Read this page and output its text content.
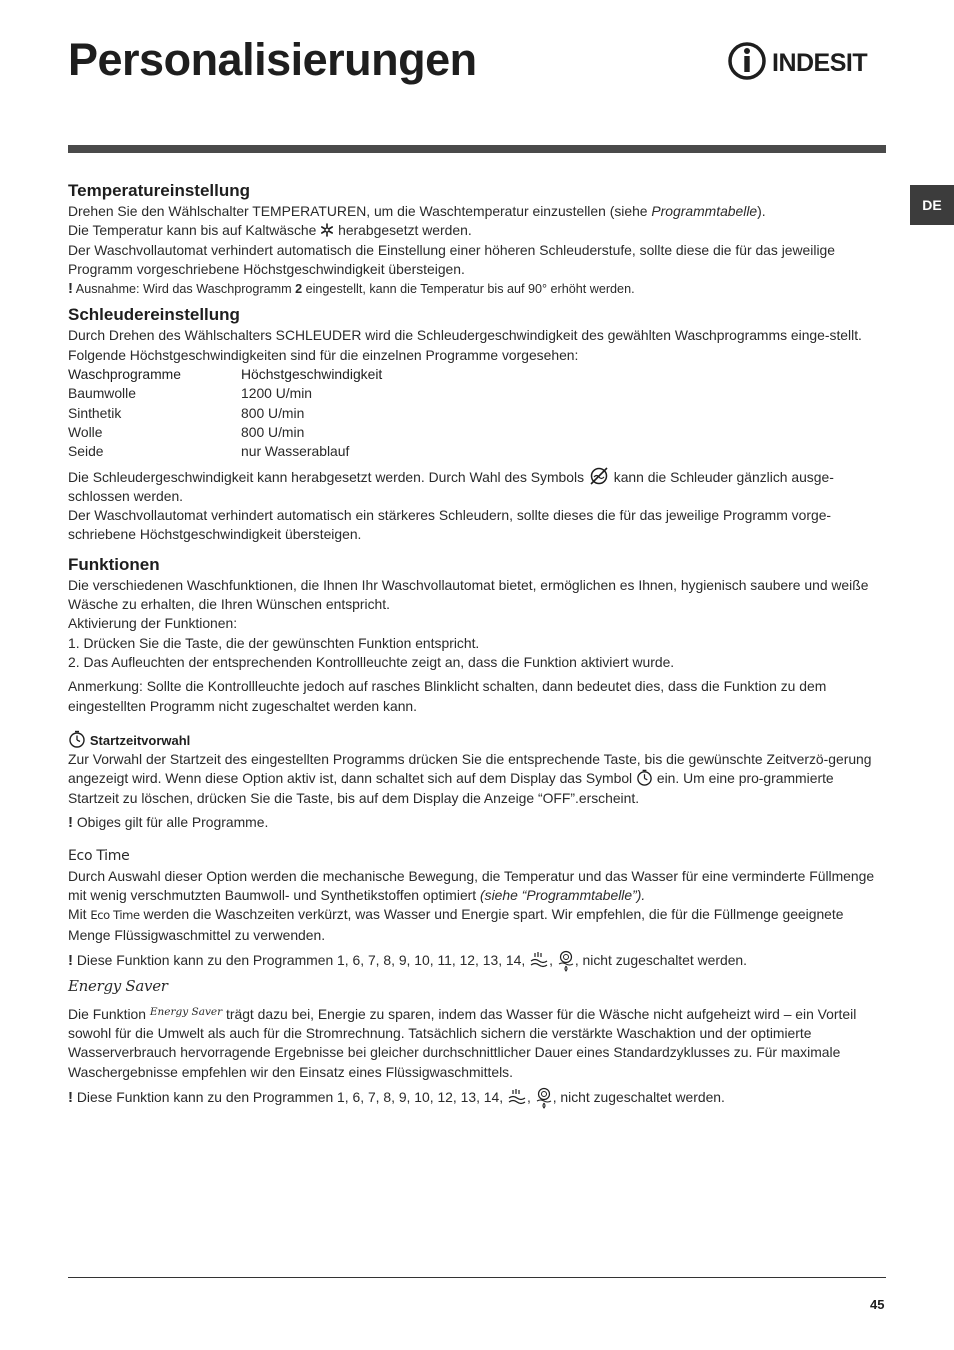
Personalisierungen	INDESIT
DE
Temperatureinstellung

Drehen Sie den Wählschalter TEMPERATUREN, um die Waschtemperatur einzustellen (siehe Programmtabelle).

Die Temperatur kann bis auf Kaltwäsche  herabgesetzt werden.

Der Waschvollautomat verhindert automatisch die Einstellung einer höheren Schleuderstufe, sollte diese die für das jeweilige Programm vorgeschriebene Höchstgeschwindigkeit übersteigen.

! Ausnahme: Wird das Waschprogramm 2 eingestellt, kann die Temperatur bis auf 90° erhöht werden.

Schleudereinstellung

Durch Drehen des Wählschalters SCHLEUDER wird die Schleudergeschwindigkeit des gewählten Waschprogramms einge-stellt. Folgende Höchstgeschwindigkeiten sind für die einzelnen Programme vorgesehen:

Waschprogramme	Höchstgeschwindigkeit
Baumwolle	1200 U/min
Sinthetik	800 U/min
Wolle	800 U/min
Seide	nur Wasserablauf

Die Schleudergeschwindigkeit kann herabgesetzt werden. Durch Wahl des Symbols  kann die Schleuder gänzlich ausge-schlossen werden.

Der Waschvollautomat verhindert automatisch ein stärkeres Schleudern, sollte dieses die für das jeweilige Programm vorge-schriebene Höchstgeschwindigkeit übersteigen.

Funktionen

Die verschiedenen Waschfunktionen, die Ihnen Ihr Waschvollautomat bietet, ermöglichen es Ihnen, hygienisch saubere und weiße Wäsche zu erhalten, die Ihren Wünschen entspricht.

Aktivierung der Funktionen:

1. Drücken Sie die Taste, die der gewünschten Funktion entspricht.

2. Das Aufleuchten der entsprechenden Kontrollleuchte zeigt an, dass die Funktion aktiviert wurde.

Anmerkung: Sollte die Kontrollleuchte jedoch auf rasches Blinklicht schalten, dann bedeutet dies, dass die Funktion zu dem eingestellten Programm nicht zugeschaltet werden kann.

Startzeitvorwahl

Zur Vorwahl der Startzeit des eingestellten Programms drücken Sie die entsprechende Taste, bis die gewünschte Zeitverzö-gerung angezeigt wird. Wenn diese Option aktiv ist, dann schaltet sich auf dem Display das Symbol  ein. Um eine pro-grammierte Startzeit zu löschen, drücken Sie die Taste, bis auf dem Display die Anzeige “OFF”.erscheint.

! Obiges gilt für alle Programme.

Eco Time

Durch Auswahl dieser Option werden die mechanische Bewegung, die Temperatur und das Wasser für eine verminderte Füllmenge mit wenig verschmutzten Baumwoll- und Synthetikstoffen optimiert (siehe “Programmtabelle”).

Mit Eco Time werden die Waschzeiten verkürzt, was Wasser und Energie spart. Wir empfehlen, die für die Füllmenge geeignete Menge Flüssigwaschmittel zu verwenden.

! Diese Funktion kann zu den Programmen 1, 6, 7, 8, 9, 10, 11, 12, 13, 14, , , nicht zugeschaltet werden.

Energy Saver

Die Funktion $^{Energy Saver}$ trägt dazu bei, Energie zu sparen, indem das Wasser für die Wäsche nicht aufgeheizt wird – ein Vorteil sowohl für die Umwelt als auch für die Stromrechnung. Tatsächlich sichern die verstärkte Waschaktion und der optimierte Wasserverbrauch hervorragende Ergebnisse bei gleicher durchschnittlicher Dauer eines Standardzyklusses zu. Für maximale Waschergebnisse empfehlen wir den Einsatz eines Flüssigwaschmittels.

! Diese Funktion kann zu den Programmen 1, 6, 7, 8, 9, 10, 12, 13, 14, , , nicht zugeschaltet werden.

45
